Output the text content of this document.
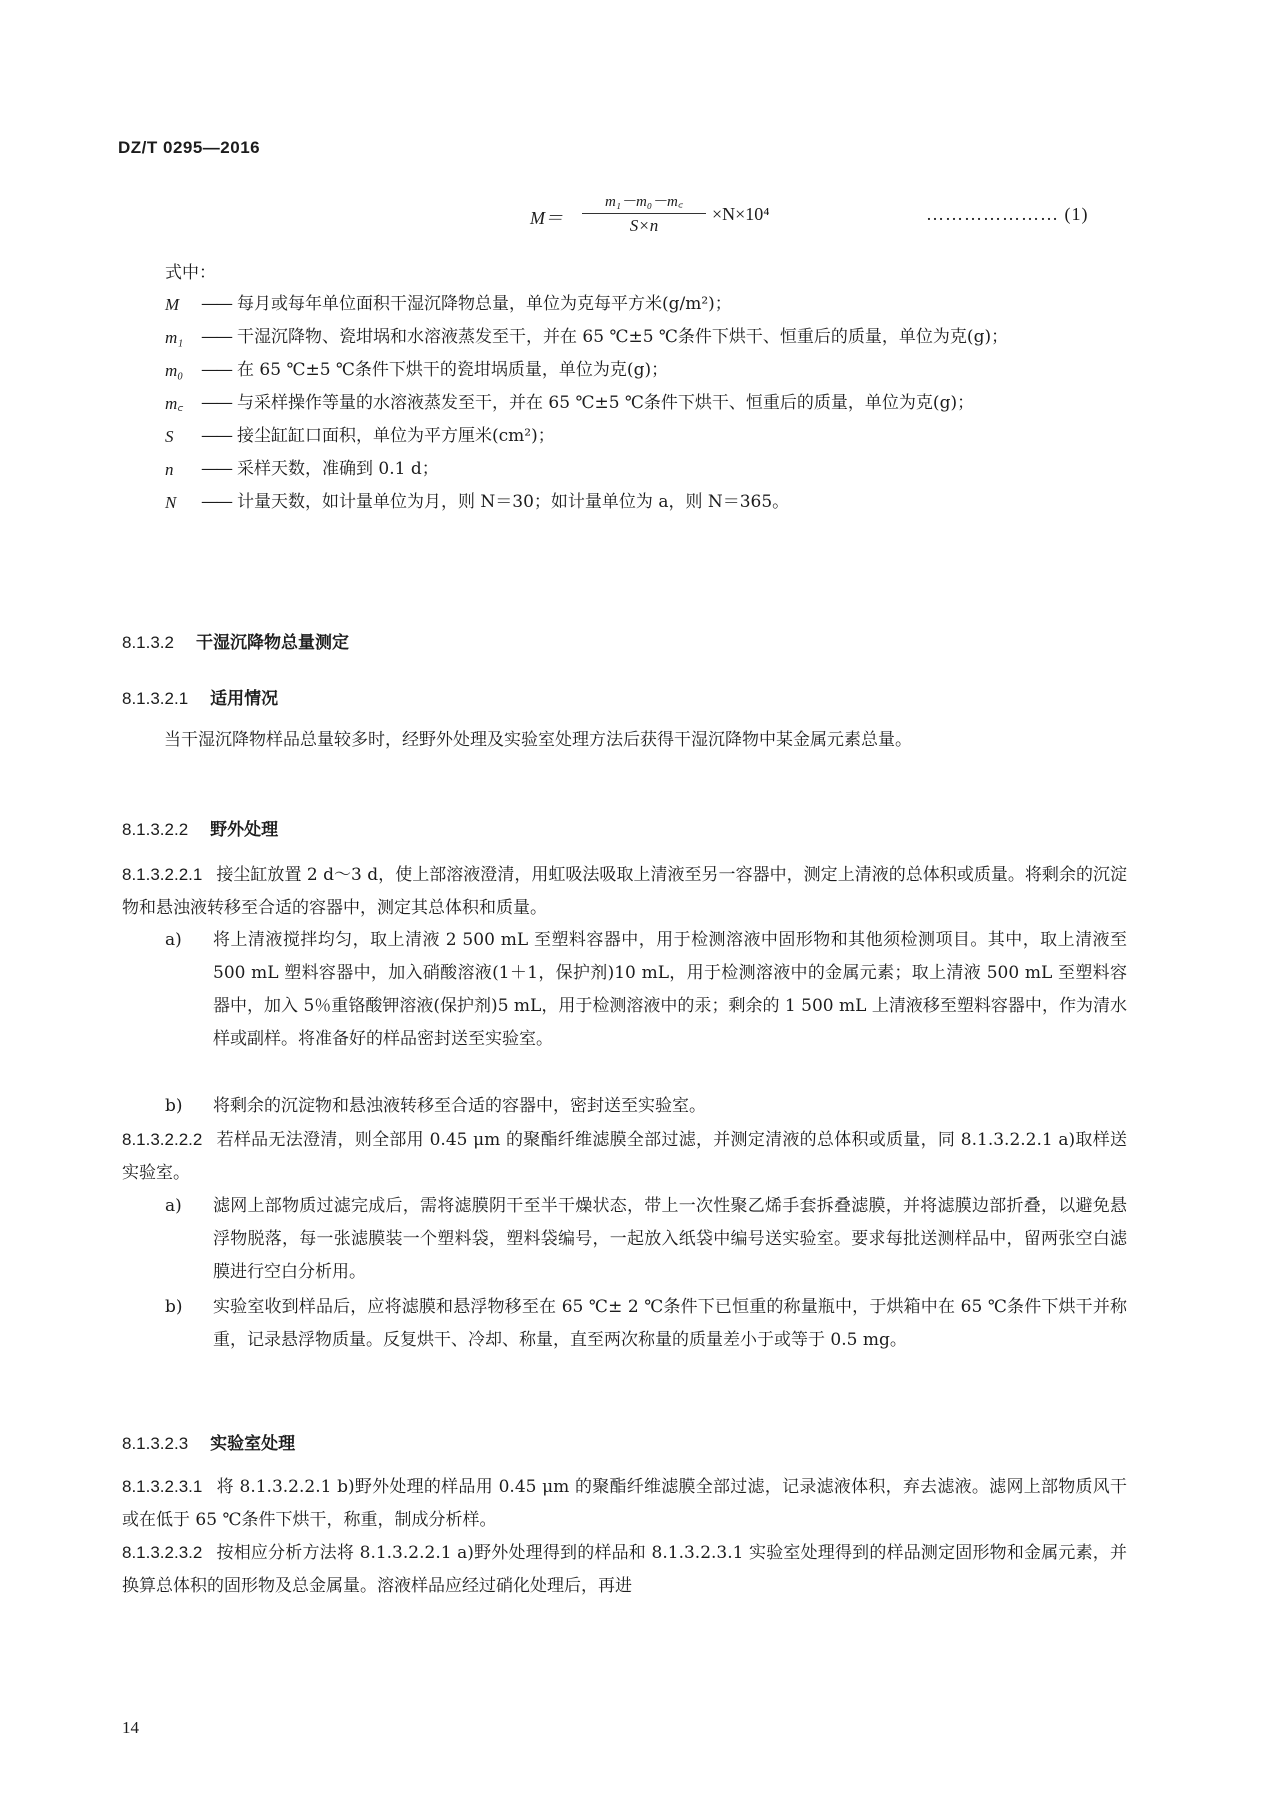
DZ/T 0295—2016
M＝
m₁－m₀－m꜀
S×n
×N×10⁴	………………… (1)
式中：

M —— 每月或每年单位面积干湿沉降物总量，单位为克每平方米(g/m²)；

m₁ —— 干湿沉降物、瓷坩埚和水溶液蒸发至干，并在 65 ℃±5 ℃条件下烘干、恒重后的质量，单位为克(g)；

m₀ —— 在 65 ℃±5 ℃条件下烘干的瓷坩埚质量，单位为克(g)；

m꜀ —— 与采样操作等量的水溶液蒸发至干，并在 65 ℃±5 ℃条件下烘干、恒重后的质量，单位为克(g)；

S —— 接尘缸缸口面积，单位为平方厘米(cm²)；

n —— 采样天数，准确到 0.1 d；

N —— 计量天数，如计量单位为月，则 N＝30；如计量单位为 a，则 N＝365。

8.1.3.2 干湿沉降物总量测定
8.1.3.2.1 适用情况

当干湿沉降物样品总量较多时，经野外处理及实验室处理方法后获得干湿沉降物中某金属元素总量。

8.1.3.2.2 野外处理

8.1.3.2.2.1 接尘缸放置 2 d～3 d，使上部溶液澄清，用虹吸法吸取上清液至另一容器中，测定上清液的总体积或质量。将剩余的沉淀物和悬浊液转移至合适的容器中，测定其总体积和质量。

a) 将上清液搅拌均匀，取上清液 2 500 mL 至塑料容器中，用于检测溶液中固形物和其他须检测项目。其中，取上清液至 500 mL 塑料容器中，加入硝酸溶液(1＋1，保护剂)10 mL，用于检测溶液中的金属元素；取上清液 500 mL 至塑料容器中，加入 5％重铬酸钾溶液(保护剂)5 mL，用于检测溶液中的汞；剩余的 1 500 mL 上清液移至塑料容器中，作为清水样或副样。将准备好的样品密封送至实验室。

b) 将剩余的沉淀物和悬浊液转移至合适的容器中，密封送至实验室。

8.1.3.2.2.2 若样品无法澄清，则全部用 0.45 μm 的聚酯纤维滤膜全部过滤，并测定清液的总体积或质量，同 8.1.3.2.2.1 a)取样送实验室。

a) 滤网上部物质过滤完成后，需将滤膜阴干至半干燥状态，带上一次性聚乙烯手套拆叠滤膜，并将滤膜边部折叠，以避免悬浮物脱落，每一张滤膜装一个塑料袋，塑料袋编号，一起放入纸袋中编号送实验室。要求每批送测样品中，留两张空白滤膜进行空白分析用。

b) 实验室收到样品后，应将滤膜和悬浮物移至在 65 ℃± 2 ℃条件下已恒重的称量瓶中，于烘箱中在 65 ℃条件下烘干并称重，记录悬浮物质量。反复烘干、冷却、称量，直至两次称量的质量差小于或等于 0.5 mg。

8.1.3.2.3 实验室处理

8.1.3.2.3.1 将 8.1.3.2.2.1 b)野外处理的样品用 0.45 μm 的聚酯纤维滤膜全部过滤，记录滤液体积，弃去滤液。滤网上部物质风干或在低于 65 ℃条件下烘干，称重，制成分析样。

8.1.3.2.3.2 按相应分析方法将 8.1.3.2.2.1 a)野外处理得到的样品和 8.1.3.2.3.1 实验室处理得到的样品测定固形物和金属元素，并换算总体积的固形物及总金属量。溶液样品应经过硝化处理后，再进

14
